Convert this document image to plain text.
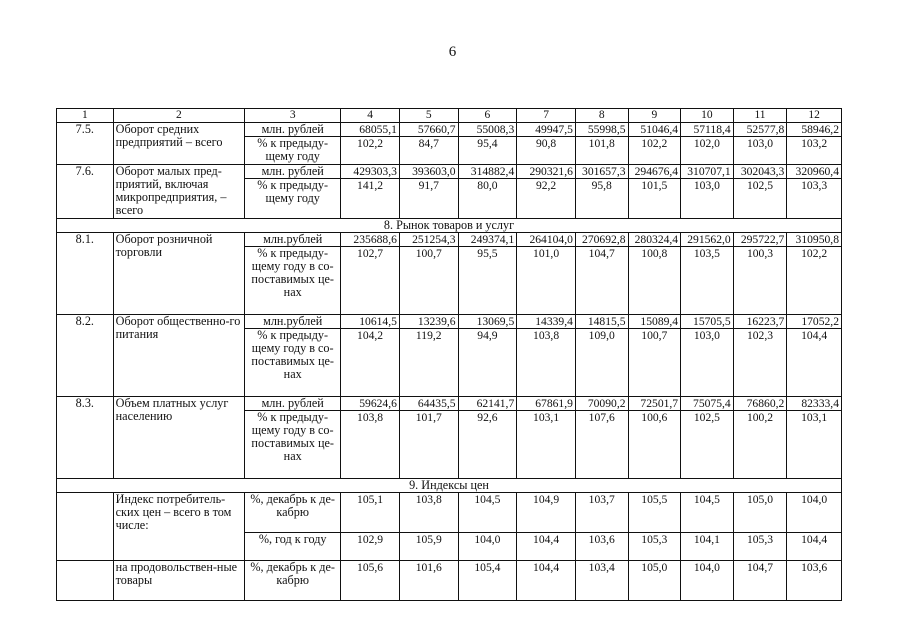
6
1	2	3	4	5	6	7	8	9	10	11	12
7.5.	Оборот средних предприятий – всего	млн. рублей	68055,1	57660,7	55008,3	49947,5	55998,5	51046,4	57118,4	52577,8	58946,2
		% к предыду-щему году	102,2	84,7	95,4	90,8	101,8	102,2	102,0	103,0	103,2
7.6.	Оборот малых пред-приятий, включая микропредприятия, – всего	млн. рублей	429303,3	393603,0	314882,4	290321,6	301657,3	294676,4	310707,1	302043,3	320960,4
		% к предыду-щему году	141,2	91,7	80,0	92,2	95,8	101,5	103,0	102,5	103,3
8. Рынок товаров и услуг											
8.1.	Оборот розничной торговли	млн.рублей	235688,6	251254,3	249374,1	264104,0	270692,8	280324,4	291562,0	295722,7	310950,8
		% к предыду-щему году в со-поставимых це-нах	102,7	100,7	95,5	101,0	104,7	100,8	103,5	100,3	102,2
8.2.	Оборот общественно-го питания	млн.рублей	10614,5	13239,6	13069,5	14339,4	14815,5	15089,4	15705,5	16223,7	17052,2
		% к предыду-щему году в со-поставимых це-нах	104,2	119,2	94,9	103,8	109,0	100,7	103,0	102,3	104,4
8.3.	Объем платных услуг населению	млн. рублей	59624,6	64435,5	62141,7	67861,9	70090,2	72501,7	75075,4	76860,2	82333,4
		% к предыду-щему году в со-поставимых це-нах	103,8	101,7	92,6	103,1	107,6	100,6	102,5	100,2	103,1
9. Индексы цен											
	Индекс потребитель-ских цен – всего в том числе:	%, декабрь к де-кабрю	105,1	103,8	104,5	104,9	103,7	105,5	104,5	105,0	104,0
		%, год к году	102,9	105,9	104,0	104,4	103,6	105,3	104,1	105,3	104,4
	на продовольствен-ные товары	%, декабрь к де-кабрю	105,6	101,6	105,4	104,4	103,4	105,0	104,0	104,7	103,6
